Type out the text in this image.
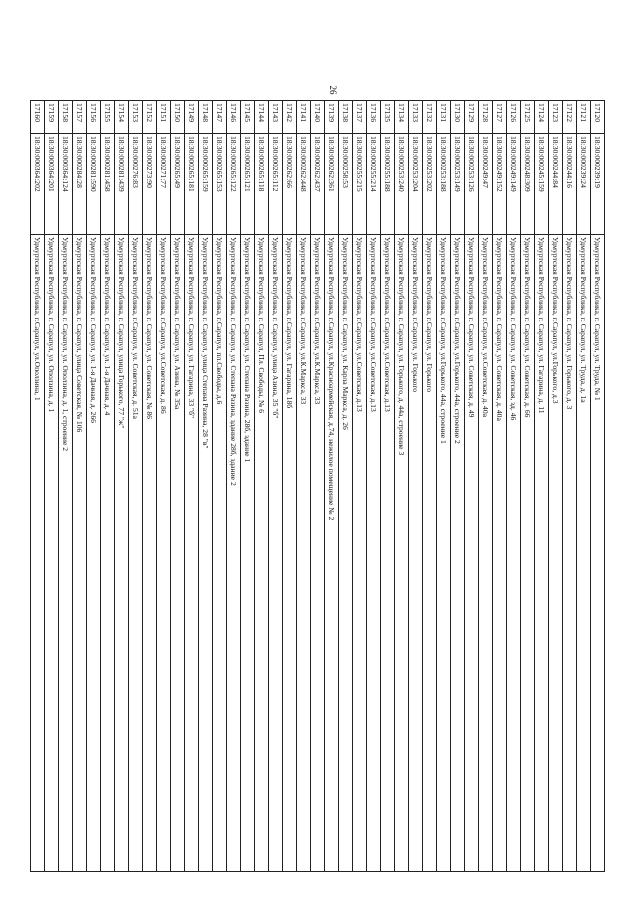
26
17120	18:30:000239:19	Удмуртская Республика, г. Сарапул, ул. Труда, № 1
17121	18:30:000239:24	Удмуртская Республика, г. Сарапул, ул. Труда, д. 1а
17122	18:30:000244:16	Удмуртская Республика, г. Сарапул, ул. Горького, д. 3
17123	18:30:000244:84	Удмуртская Республика, г.Сарапул, ул.Горького, д.3
17124	18:30:000245:159	Удмуртская Республика, г. Сарапул, ул. Гагарина, д. 11
17125	18:30:000248:309	Удмуртская Республика, г. Сарапул, ул. Советская, д. 66
17126	18:30:000249:149	Удмуртская Республика, г. Сарапул, ул. Советская, зд. 46
17127	18:30:000249:152	Удмуртская Республика, г. Сарапул, ул. Советская, д. 40а
17128	18:30:000249:47	Удмуртская Республика, г.Сарапул, ул.Советская, д. 40а
17129	18:30:000253:126	Удмуртская Республика, г. Сарапул, ул. Советская, д. 49
17130	18:30:000253:149	Удмуртская Республика, г.Сарапул, ул.Горького, 44а, строение 2
17131	18:30:000253:188	Удмуртская Республика, г.Сарапул, ул.Горького, 44а, строение 1
17132	18:30:000253:202	Удмуртская Республика, г.Сарапул, ул. Горького
17133	18:30:000253:204	Удмуртская Республика, г.Сарапул, ул. Горького
17134	18:30:000253:240	Удмуртская Республика, г. Сарапул, ул. Горького, д. 44а, строение 3
17135	18:30:000255:188	Удмуртская Республика, г.Сарапул, ул.Советская, д.13
17136	18:30:000255:214	Удмуртская Республика, г.Сарапул, ул.Советская, д.13
17137	18:30:000255:215	Удмуртская Республика, г.Сарапул, ул.Советская, д.13
17138	18:30:000258:53	Удмуртская Республика, г. Сарапул, ул. Карла Маркса, д. 26
17139	18:30:000262:361	Удмуртская Республика, г.Сарапул, ул.Красноармейская, д.74, нежилое помещение № 2
17140	18:30:000262:437	Удмуртская Республика, г.Сарапул, ул.К.Маркса, 33
17141	18:30:000262:448	Удмуртская Республика, г.Сарапул, ул.К.Маркса, 33
17142	18:30:000262:66	Удмуртская Республика, г.Сарапул, ул. Гагарина, 18б
17143	18:30:000265:112	Удмуртская Республика, г. Сарапул, улица Азина, 35 "б"
17144	18:30:000265:118	Удмуртская Республика, г. Сарапул, Пл. Свободы, № 6
17145	18:30:000265:121	Удмуртская Республика, г. Сарапул, ул. Степана Разина, 28б, здание 1
17146	18:30:000265:122	Удмуртская Республика, г. Сарапул, ул. Степана Разина, здание 28б, здание 2
17147	18:30:000265:153	Удмуртская Республика, г.Сарапул, пл.Свободы, д.6
17148	18:30:000265:159	Удмуртская Республика, г. Сарапул, улица Степана Разина, 28 "в"
17149	18:30:000265:181	Удмуртская Республика, г. Сарапул, ул. Гагарина, 33 "б"
17150	18:30:000265:49	Удмуртская Республика, г. Сарапул, ул. Азина, № 35а
17151	18:30:000271:77	Удмуртская Республика, г.Сарапул, ул.Советская, д. 86
17152	18:30:000273:90	Удмуртская Республика, г. Сарапул, ул. Советская, № 86
17153	18:30:000276:83	Удмуртская Республика, г.Сарапул, ул. Советская, д. 51а
17154	18:30:000281:439	Удмуртская Республика, г. Сарапул, улица Горького, 77 "ж"
17155	18:30:000281:458	Удмуртская Республика, г. Сарапул, ул. 1-я Дачная, д. 4
17156	18:30:000281:590	Удмуртская Республика, г. Сарапул, ул. 1-я Дачная, д. 266
17157	18:30:000284:28	Удмуртская Республика, г. Сарапул, улица Советская, № 106
17158	18:30:000364:124	Удмуртская Республика, г. Сарапул, ул. Оползина, д. 1, строение 2
17159	18:30:000364:201	Удмуртская Республика, г. Сарапул, ул. Оползина, д. 1
17160	18:30:000364:202	Удмуртская Республика, г.Сарапул, ул.Оползина, 1
